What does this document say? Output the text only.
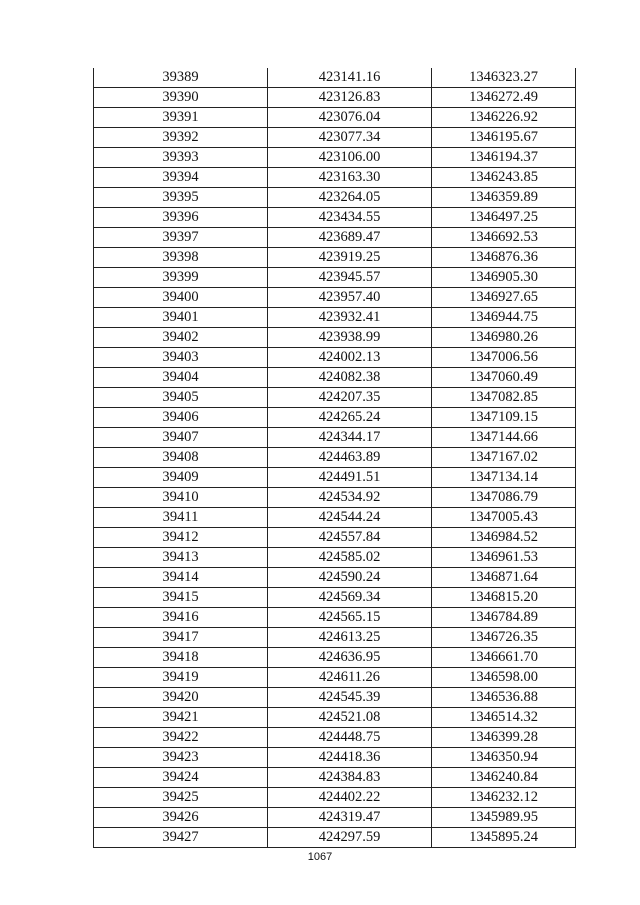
39389	423141.16	1346323.27
39390	423126.83	1346272.49
39391	423076.04	1346226.92
39392	423077.34	1346195.67
39393	423106.00	1346194.37
39394	423163.30	1346243.85
39395	423264.05	1346359.89
39396	423434.55	1346497.25
39397	423689.47	1346692.53
39398	423919.25	1346876.36
39399	423945.57	1346905.30
39400	423957.40	1346927.65
39401	423932.41	1346944.75
39402	423938.99	1346980.26
39403	424002.13	1347006.56
39404	424082.38	1347060.49
39405	424207.35	1347082.85
39406	424265.24	1347109.15
39407	424344.17	1347144.66
39408	424463.89	1347167.02
39409	424491.51	1347134.14
39410	424534.92	1347086.79
39411	424544.24	1347005.43
39412	424557.84	1346984.52
39413	424585.02	1346961.53
39414	424590.24	1346871.64
39415	424569.34	1346815.20
39416	424565.15	1346784.89
39417	424613.25	1346726.35
39418	424636.95	1346661.70
39419	424611.26	1346598.00
39420	424545.39	1346536.88
39421	424521.08	1346514.32
39422	424448.75	1346399.28
39423	424418.36	1346350.94
39424	424384.83	1346240.84
39425	424402.22	1346232.12
39426	424319.47	1345989.95
39427	424297.59	1345895.24
1067
